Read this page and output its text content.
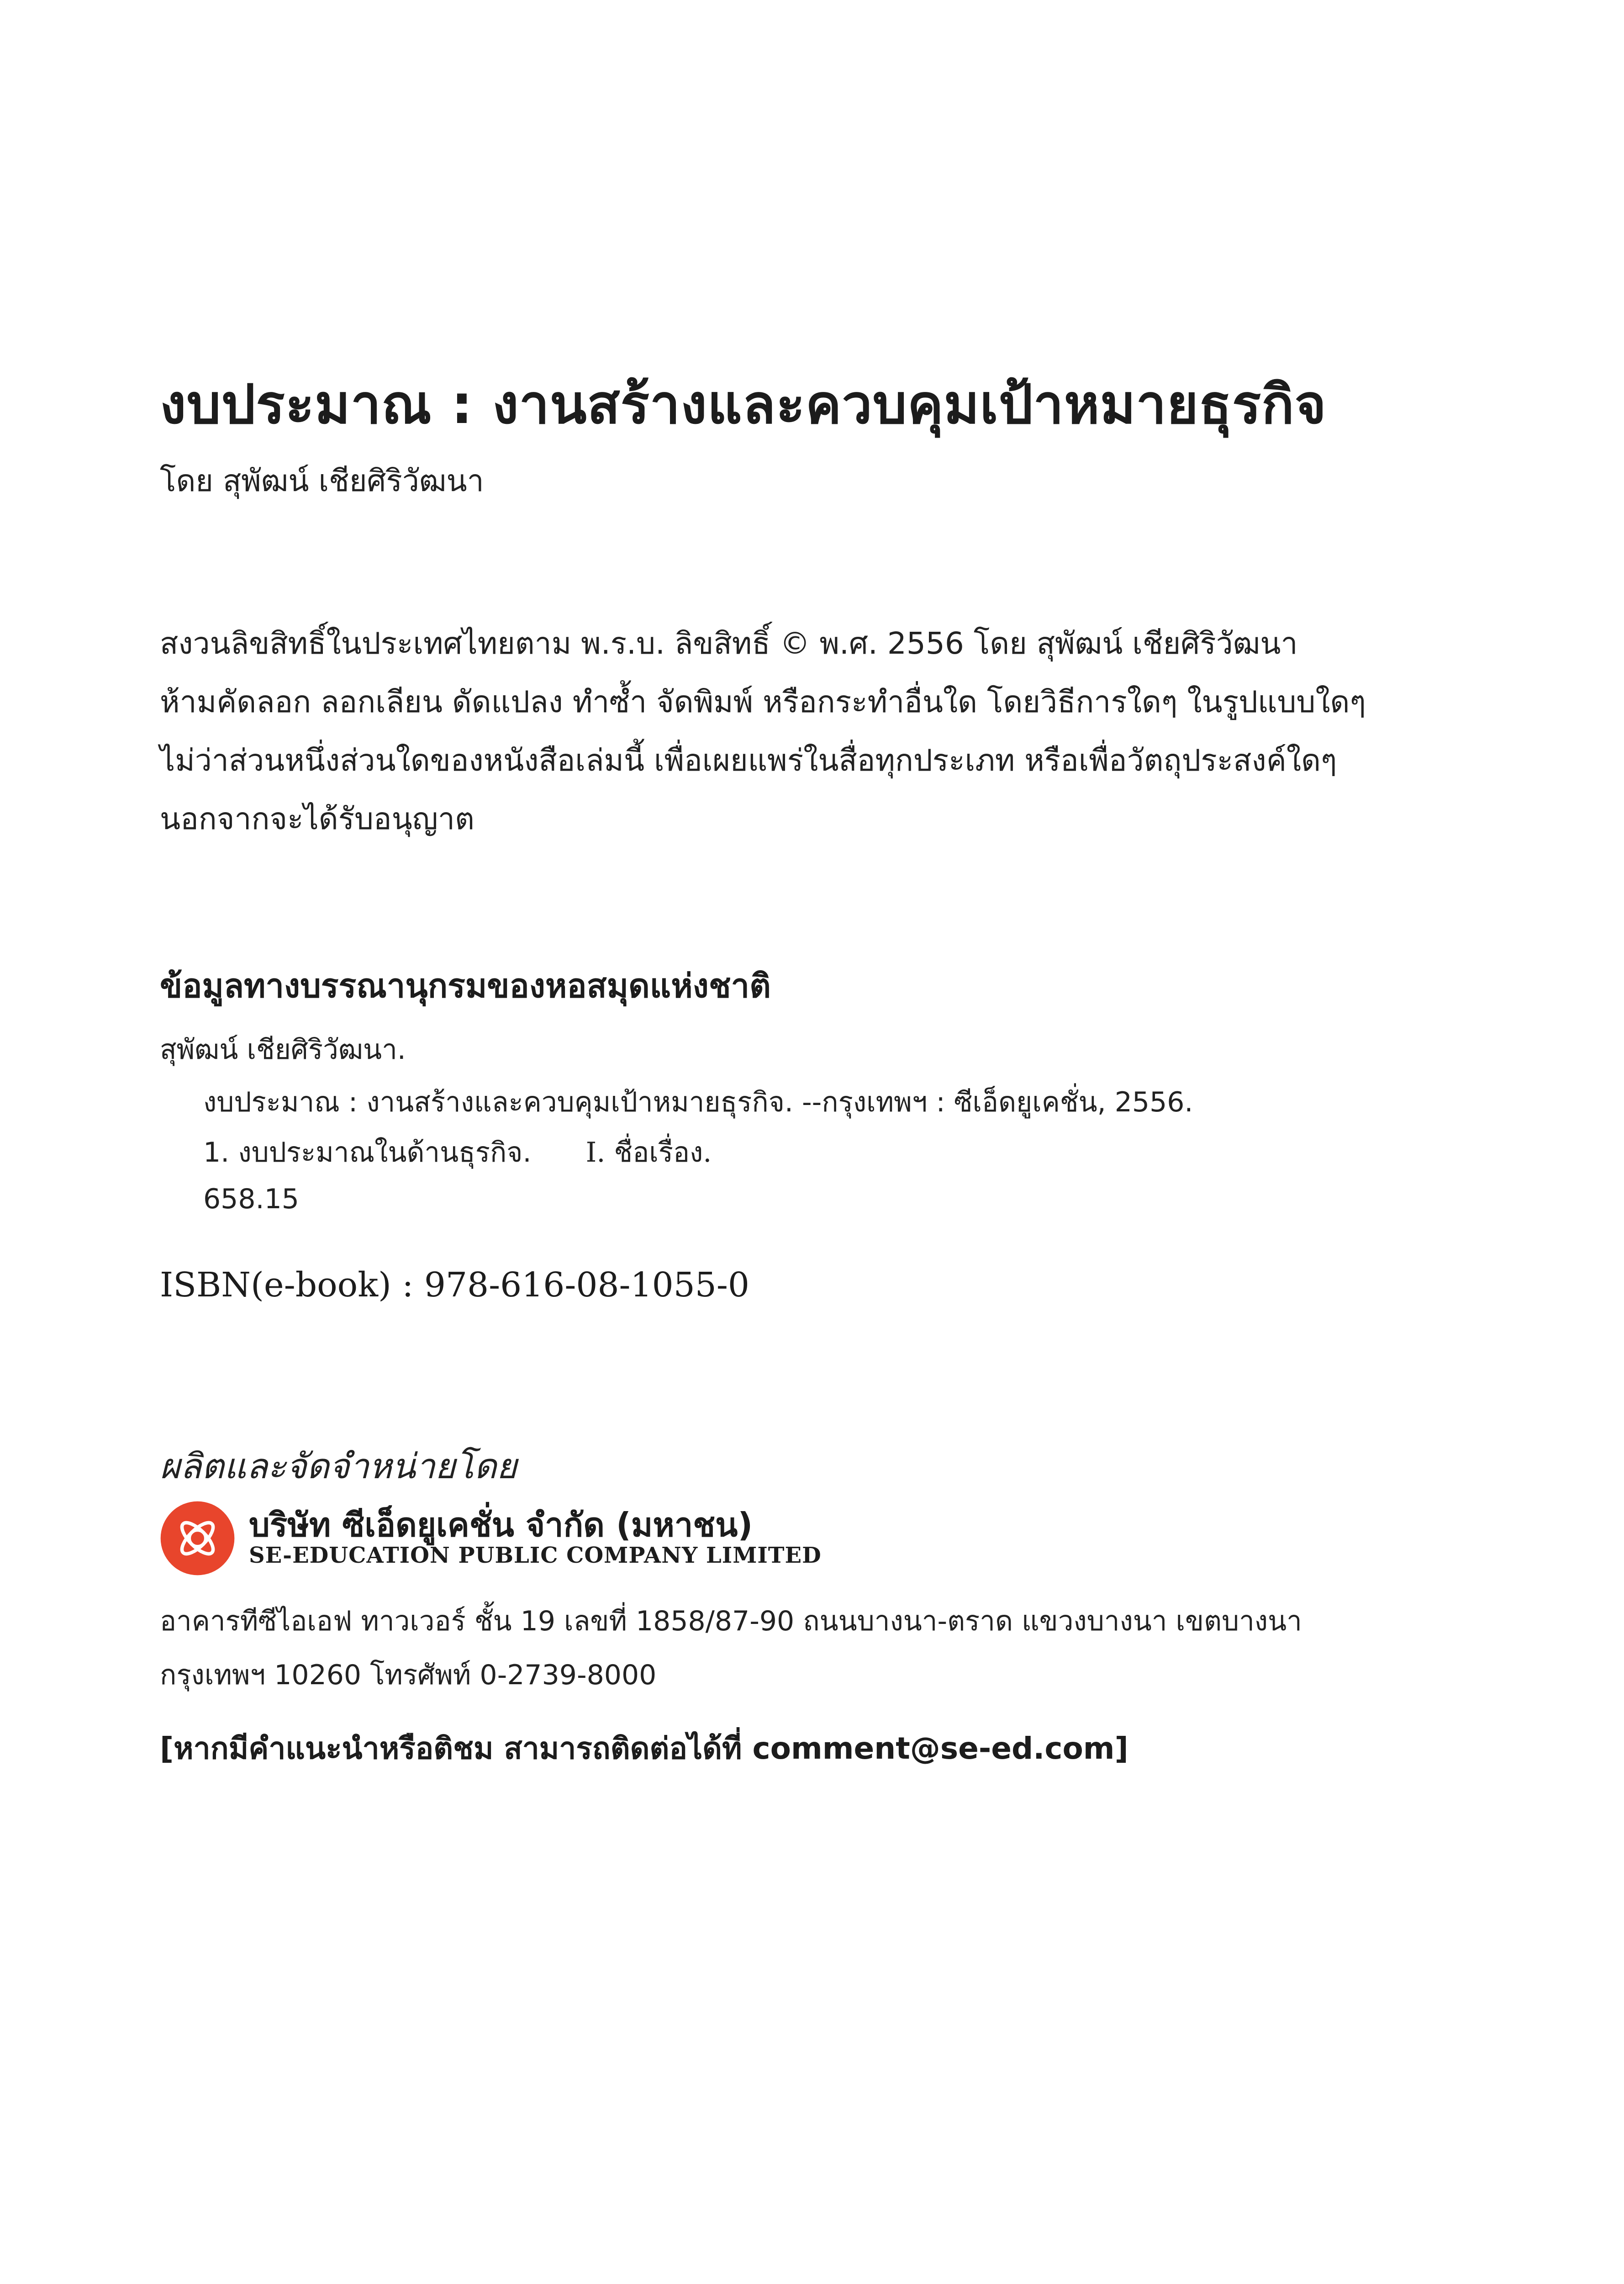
งบประมาณ : งานสร้างและควบคุมเป้าหมายธุรกิจ
โดย สุพัฒน์ เชียศิริวัฒนา
สงวนลิขสิทธิ์ในประเทศไทยตาม พ.ร.บ. ลิขสิทธิ์ © พ.ศ. 2556 โดย สุพัฒน์ เชียศิริวัฒนา
ห้ามคัดลอก ลอกเลียน ดัดแปลง ทำซ้ำ จัดพิมพ์ หรือกระทำอื่นใด โดยวิธีการใดๆ ในรูปแบบใดๆ
ไม่ว่าส่วนหนึ่งส่วนใดของหนังสือเล่มนี้ เพื่อเผยแพร่ในสื่อทุกประเภท หรือเพื่อวัตถุประสงค์ใดๆ
นอกจากจะได้รับอนุญาต
ข้อมูลทางบรรณานุกรมของหอสมุดแห่งชาติ
สุพัฒน์ เชียศิริวัฒนา.
งบประมาณ : งานสร้างและควบคุมเป้าหมายธุรกิจ. --กรุงเทพฯ : ซีเอ็ดยูเคชั่น, 2556.
1. งบประมาณในด้านธุรกิจ. I. ชื่อเรื่อง.
658.15
ISBN(e-book) : 978-616-08-1055-0
ผลิตและจัดจำหน่ายโดย
บริษัท ซีเอ็ดยูเคชั่น จำกัด (มหาชน)
SE-EDUCATION PUBLIC COMPANY LIMITED
อาคารทีซีไอเอฟ ทาวเวอร์ ชั้น 19 เลขที่ 1858/87-90 ถนนบางนา-ตราด แขวงบางนา เขตบางนา
กรุงเทพฯ 10260 โทรศัพท์ 0-2739-8000
[หากมีคำแนะนำหรือติชม สามารถติดต่อได้ที่ comment@se-ed.com]
